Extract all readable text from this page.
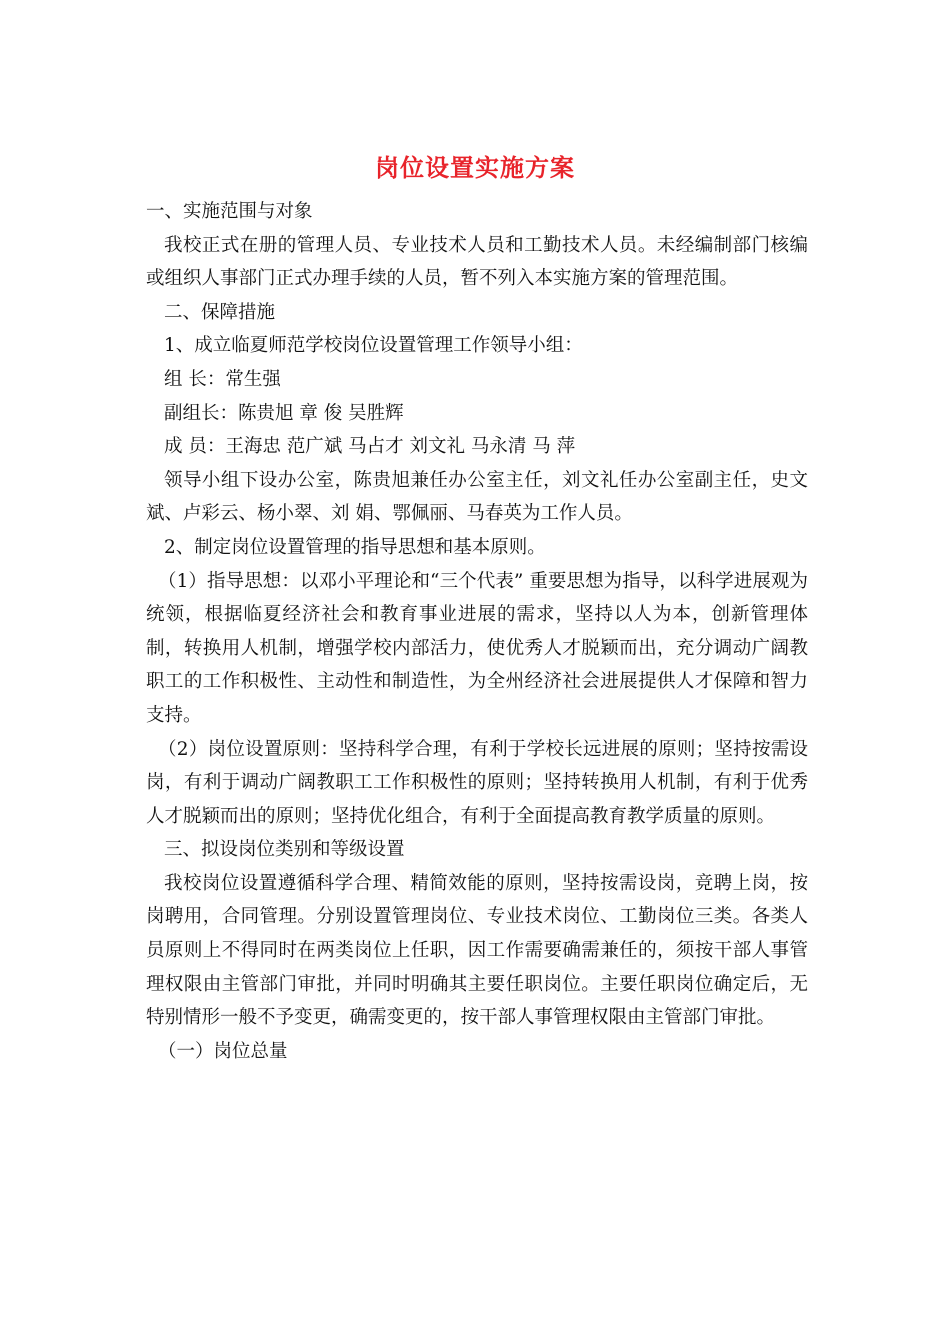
岗位设置实施方案

一、实施范围与对象

我校正式在册的管理人员、专业技术人员和工勤技术人员。未经编制部门核编或组织人事部门正式办理手续的人员，暂不列入本实施方案的管理范围。

二、保障措施

1、成立临夏师范学校岗位设置管理工作领导小组：

组 长：常生强

副组长：陈贵旭 章 俊 吴胜辉

成 员：王海忠 范广斌 马占才 刘文礼 马永清 马 萍

领导小组下设办公室，陈贵旭兼任办公室主任，刘文礼任办公室副主任，史文斌、卢彩云、杨小翠、刘 娟、鄂佩丽、马春英为工作人员。

2、制定岗位设置管理的指导思想和基本原则。

（1）指导思想：以邓小平理论和“三个代表” 重要思想为指导，以科学进展观为统领，根据临夏经济社会和教育事业进展的需求，坚持以人为本，创新管理体制，转换用人机制，增强学校内部活力，使优秀人才脱颖而出，充分调动广阔教职工的工作积极性、主动性和制造性，为全州经济社会进展提供人才保障和智力支持。

（2）岗位设置原则：坚持科学合理，有利于学校长远进展的原则；坚持按需设岗，有利于调动广阔教职工工作积极性的原则；坚持转换用人机制，有利于优秀人才脱颖而出的原则；坚持优化组合，有利于全面提高教育教学质量的原则。

三、拟设岗位类别和等级设置

我校岗位设置遵循科学合理、精简效能的原则，坚持按需设岗，竞聘上岗，按岗聘用，合同管理。分别设置管理岗位、专业技术岗位、工勤岗位三类。各类人员原则上不得同时在两类岗位上任职，因工作需要确需兼任的，须按干部人事管理权限由主管部门审批，并同时明确其主要任职岗位。主要任职岗位确定后，无特别情形一般不予变更，确需变更的，按干部人事管理权限由主管部门审批。

（一）岗位总量
